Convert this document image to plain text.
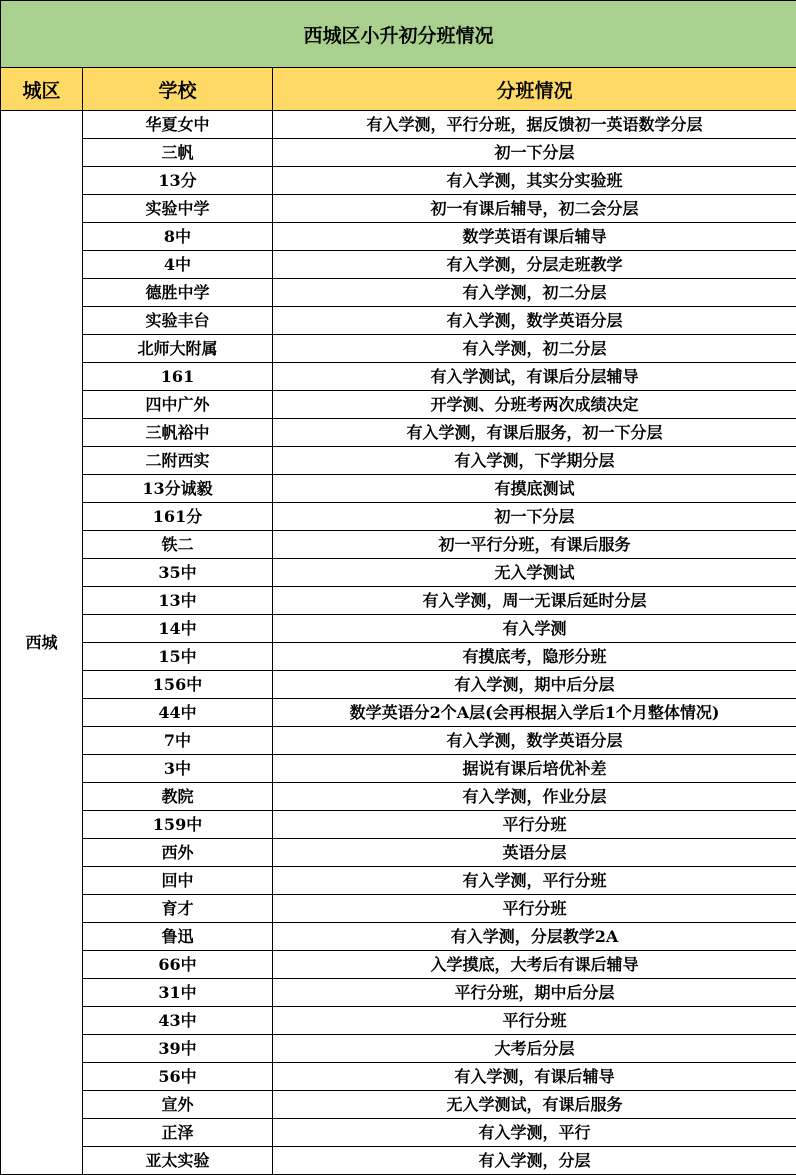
西城区小升初分班情况		
城区	学校	分班情况
西城	华夏女中	有入学测，平行分班，据反馈初一英语数学分层
	三帆	初一下分层
	13分	有入学测，其实分实验班
	实验中学	初一有课后辅导，初二会分层
	8中	数学英语有课后辅导
	4中	有入学测，分层走班教学
	德胜中学	有入学测，初二分层
	实验丰台	有入学测，数学英语分层
	北师大附属	有入学测，初二分层
	161	有入学测试，有课后分层辅导
	四中广外	开学测、分班考两次成绩决定
	三帆裕中	有入学测，有课后服务，初一下分层
	二附西实	有入学测，下学期分层
	13分诚毅	有摸底测试
	161分	初一下分层
	铁二	初一平行分班，有课后服务
	35中	无入学测试
	13中	有入学测，周一无课后延时分层
	14中	有入学测
	15中	有摸底考，隐形分班
	156中	有入学测，期中后分层
	44中	数学英语分2个A层(会再根据入学后1个月整体情况)
	7中	有入学测，数学英语分层
	3中	据说有课后培优补差
	教院	有入学测，作业分层
	159中	平行分班
	西外	英语分层
	回中	有入学测，平行分班
	育才	平行分班
	鲁迅	有入学测，分层教学2A
	66中	入学摸底，大考后有课后辅导
	31中	平行分班，期中后分层
	43中	平行分班
	39中	大考后分层
	56中	有入学测，有课后辅导
	宣外	无入学测试，有课后服务
	正泽	有入学测，平行
	亚太实验	有入学测，分层
